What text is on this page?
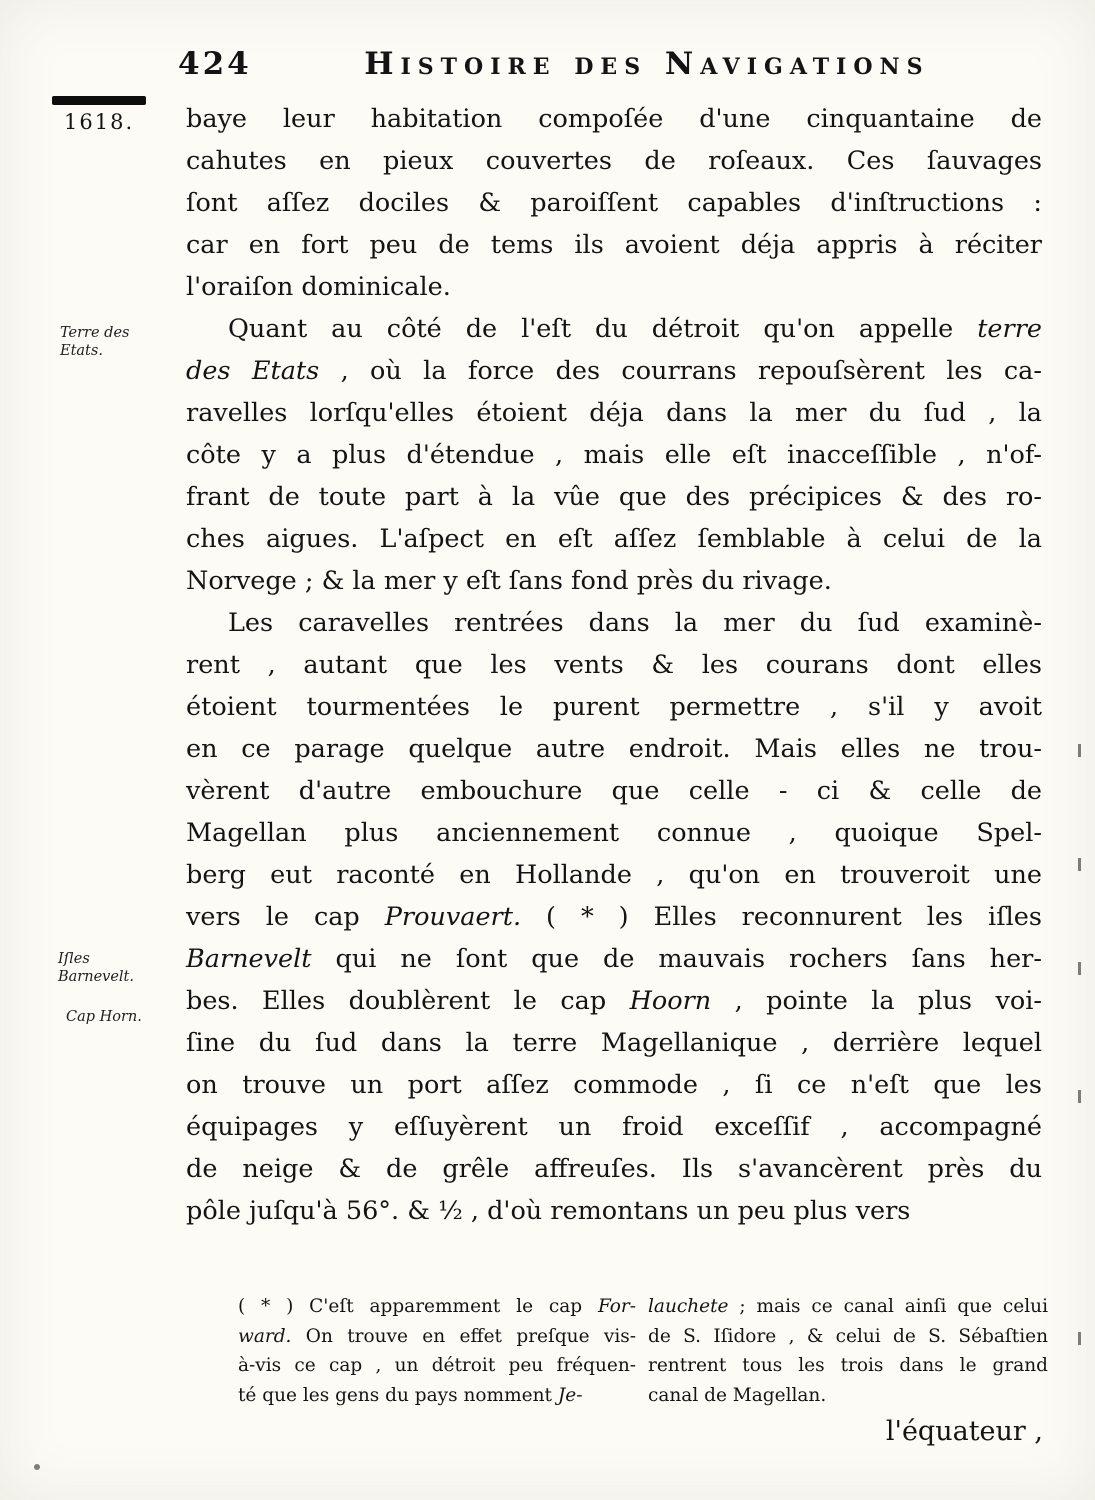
424	Histoire des Navigations
1618.
Terre des Etats.
Iſles Barnevelt.
Cap Horn.
baye leur habitation compoſée d'une cinquantaine de
cahutes en pieux couvertes de roſeaux. Ces ſauvages
ſont aſſez dociles & paroiſſent capables d'inſtructions :
car en fort peu de tems ils avoient déja appris à réciter
l'oraiſon dominicale.
Quant au côté de l'eſt du détroit qu'on appelle terre
des Etats , où la force des courrans repouſsèrent les ca-
ravelles lorſqu'elles étoient déja dans la mer du ſud , la
côte y a plus d'étendue , mais elle eſt inacceſſible , n'of-
frant de toute part à la vûe que des précipices & des ro-
ches aigues. L'aſpect en eſt aſſez ſemblable à celui de la
Norvege ; & la mer y eſt ſans fond près du rivage.
Les caravelles rentrées dans la mer du ſud examinè-
rent , autant que les vents & les courans dont elles
étoient tourmentées le purent permettre , s'il y avoit
en ce parage quelque autre endroit. Mais elles ne trou-
vèrent d'autre embouchure que celle - ci & celle de
Magellan plus anciennement connue , quoique Spel-
berg eut raconté en Hollande , qu'on en trouveroit une
vers le cap Prouvaert. ( * ) Elles reconnurent les iſles
Barnevelt qui ne ſont que de mauvais rochers ſans her-
bes. Elles doublèrent le cap Hoorn , pointe la plus voi-
ſine du ſud dans la terre Magellanique , derrière lequel
on trouve un port aſſez commode , ſi ce n'eſt que les
équipages y eſſuyèrent un froid exceſſif , accompagné
de neige & de grêle affreuſes. Ils s'avancèrent près du
pôle juſqu'à 56°. & ½ , d'où remontans un peu plus vers
( * ) C'eſt apparemment le cap For-
ward. On trouve en effet preſque vis-
à-vis ce cap , un détroit peu fréquen-
té que les gens du pays nomment Je-
lauchete ; mais ce canal ainſi que celui
de S. Iſidore , & celui de S. Sébaſtien
rentrent tous les trois dans le grand
canal de Magellan.
l'équateur ,
